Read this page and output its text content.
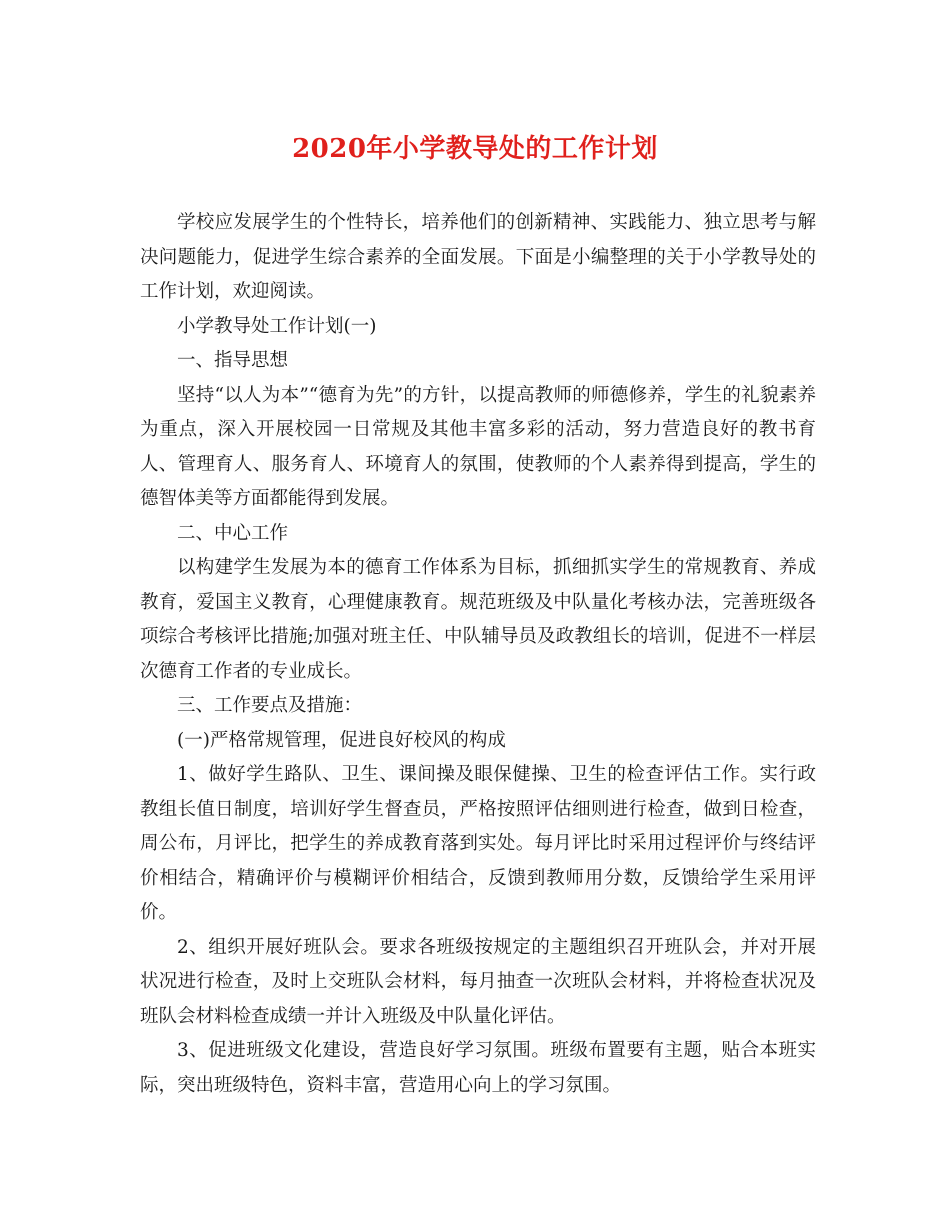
2020年小学教导处的工作计划

学校应发展学生的个性特长，培养他们的创新精神、实践能力、独立思考与解决问题能力，促进学生综合素养的全面发展。下面是小编整理的关于小学教导处的工作计划，欢迎阅读。

小学教导处工作计划(一)

一、指导思想

坚持“以人为本”“德育为先”的方针，以提高教师的师德修养，学生的礼貌素养为重点，深入开展校园一日常规及其他丰富多彩的活动，努力营造良好的教书育人、管理育人、服务育人、环境育人的氛围，使教师的个人素养得到提高，学生的德智体美等方面都能得到发展。

二、中心工作

以构建学生发展为本的德育工作体系为目标，抓细抓实学生的常规教育、养成教育，爱国主义教育，心理健康教育。规范班级及中队量化考核办法，完善班级各项综合考核评比措施;加强对班主任、中队辅导员及政教组长的培训，促进不一样层次德育工作者的专业成长。

三、工作要点及措施：

(一)严格常规管理，促进良好校风的构成

1、做好学生路队、卫生、课间操及眼保健操、卫生的检查评估工作。实行政教组长值日制度，培训好学生督查员，严格按照评估细则进行检查，做到日检查，周公布，月评比，把学生的养成教育落到实处。每月评比时采用过程评价与终结评价相结合，精确评价与模糊评价相结合，反馈到教师用分数，反馈给学生采用评价。

2、组织开展好班队会。要求各班级按规定的主题组织召开班队会，并对开展状况进行检查，及时上交班队会材料，每月抽查一次班队会材料，并将检查状况及班队会材料检查成绩一并计入班级及中队量化评估。

3、促进班级文化建设，营造良好学习氛围。班级布置要有主题，贴合本班实际，突出班级特色，资料丰富，营造用心向上的学习氛围。
